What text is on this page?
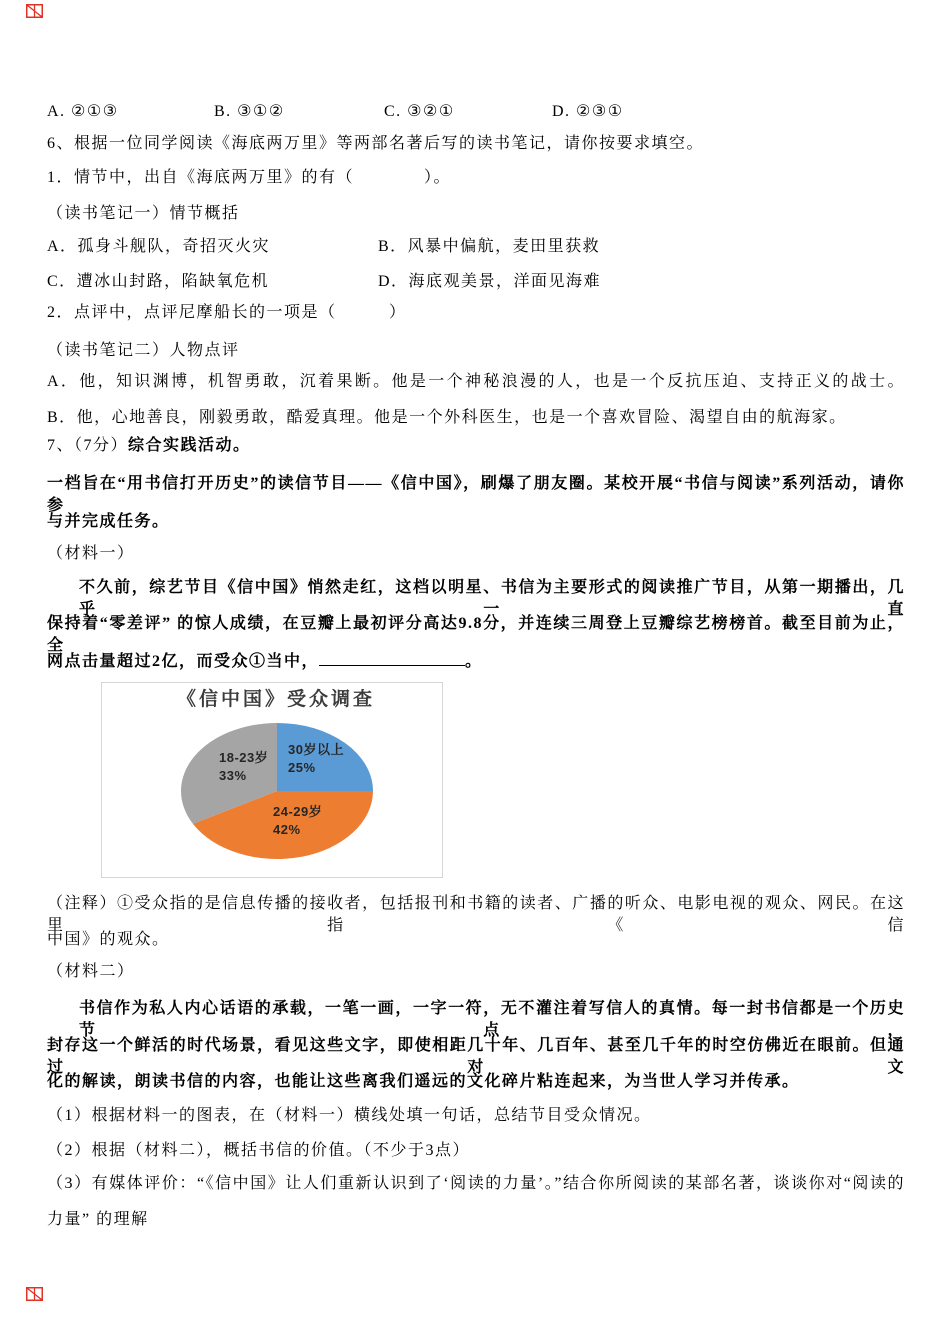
A. ②①③

	B. ③①②

	C. ③②①

	D. ②③①

6、根据一位同学阅读《海底两万里》等两部名著后写的读书笔记，请你按要求填空。
1．情节中，出自《海底两万里》的有（　　　　）。
（读书笔记一）情节概括

A．孤身斗舰队，奇招灭火灾

	B．风暴中偏航，麦田里获救

C．遭冰山封路，陷缺氧危机

	D．海底观美景，洋面见海难

2．点评中，点评尼摩船长的一项是（　　　）
（读书笔记二）人物点评
A．他，知识渊博，机智勇敢，沉着果断。他是一个神秘浪漫的人，也是一个反抗压迫、支持正义的战士。
B．他，心地善良，刚毅勇敢，酷爱真理。他是一个外科医生，也是一个喜欢冒险、渴望自由的航海家。
7、（7分）综合实践活动。
一档旨在“用书信打开历史”的读信节目——《信中国》，刷爆了朋友圈。某校开展“书信与阅读”系列活动，请你参
与并完成任务。
（材料一）
不久前，综艺节目《信中国》悄然走红，这档以明星、书信为主要形式的阅读推广节目，从第一期播出，几乎一直
保持着“零差评” 的惊人成绩，在豆瓣上最初评分高达9.8分，并连续三周登上豆瓣综艺榜榜首。截至目前为止，全
网点击量超过2亿，而受众①当中，	。
《信中国》受众调查
30岁以上
25%
18-23岁
33%
24-29岁
42%
（注释）①受众指的是信息传播的接收者，包括报刊和书籍的读者、广播的听众、电影电视的观众、网民。在这里指《信
中国》的观众。
（材料二）
书信作为私人内心话语的承载，一笔一画，一字一符，无不灌注着写信人的真情。每一封书信都是一个历史节点，
封存这一个鲜活的时代场景，看见这些文字，即使相距几十年、几百年、甚至几千年的时空仿佛近在眼前。但通过对文
化的解读，朗读书信的内容，也能让这些离我们遥远的文化碎片粘连起来，为当世人学习并传承。
（1）根据材料一的图表，在（材料一）横线处填一句话，总结节目受众情况。
（2）根据（材料二），概括书信的价值。（不少于3点）
（3）有媒体评价：“《信中国》让人们重新认识到了‘阅读的力量’。”结合你所阅读的某部名著，谈谈你对“阅读的
力量” 的理解
